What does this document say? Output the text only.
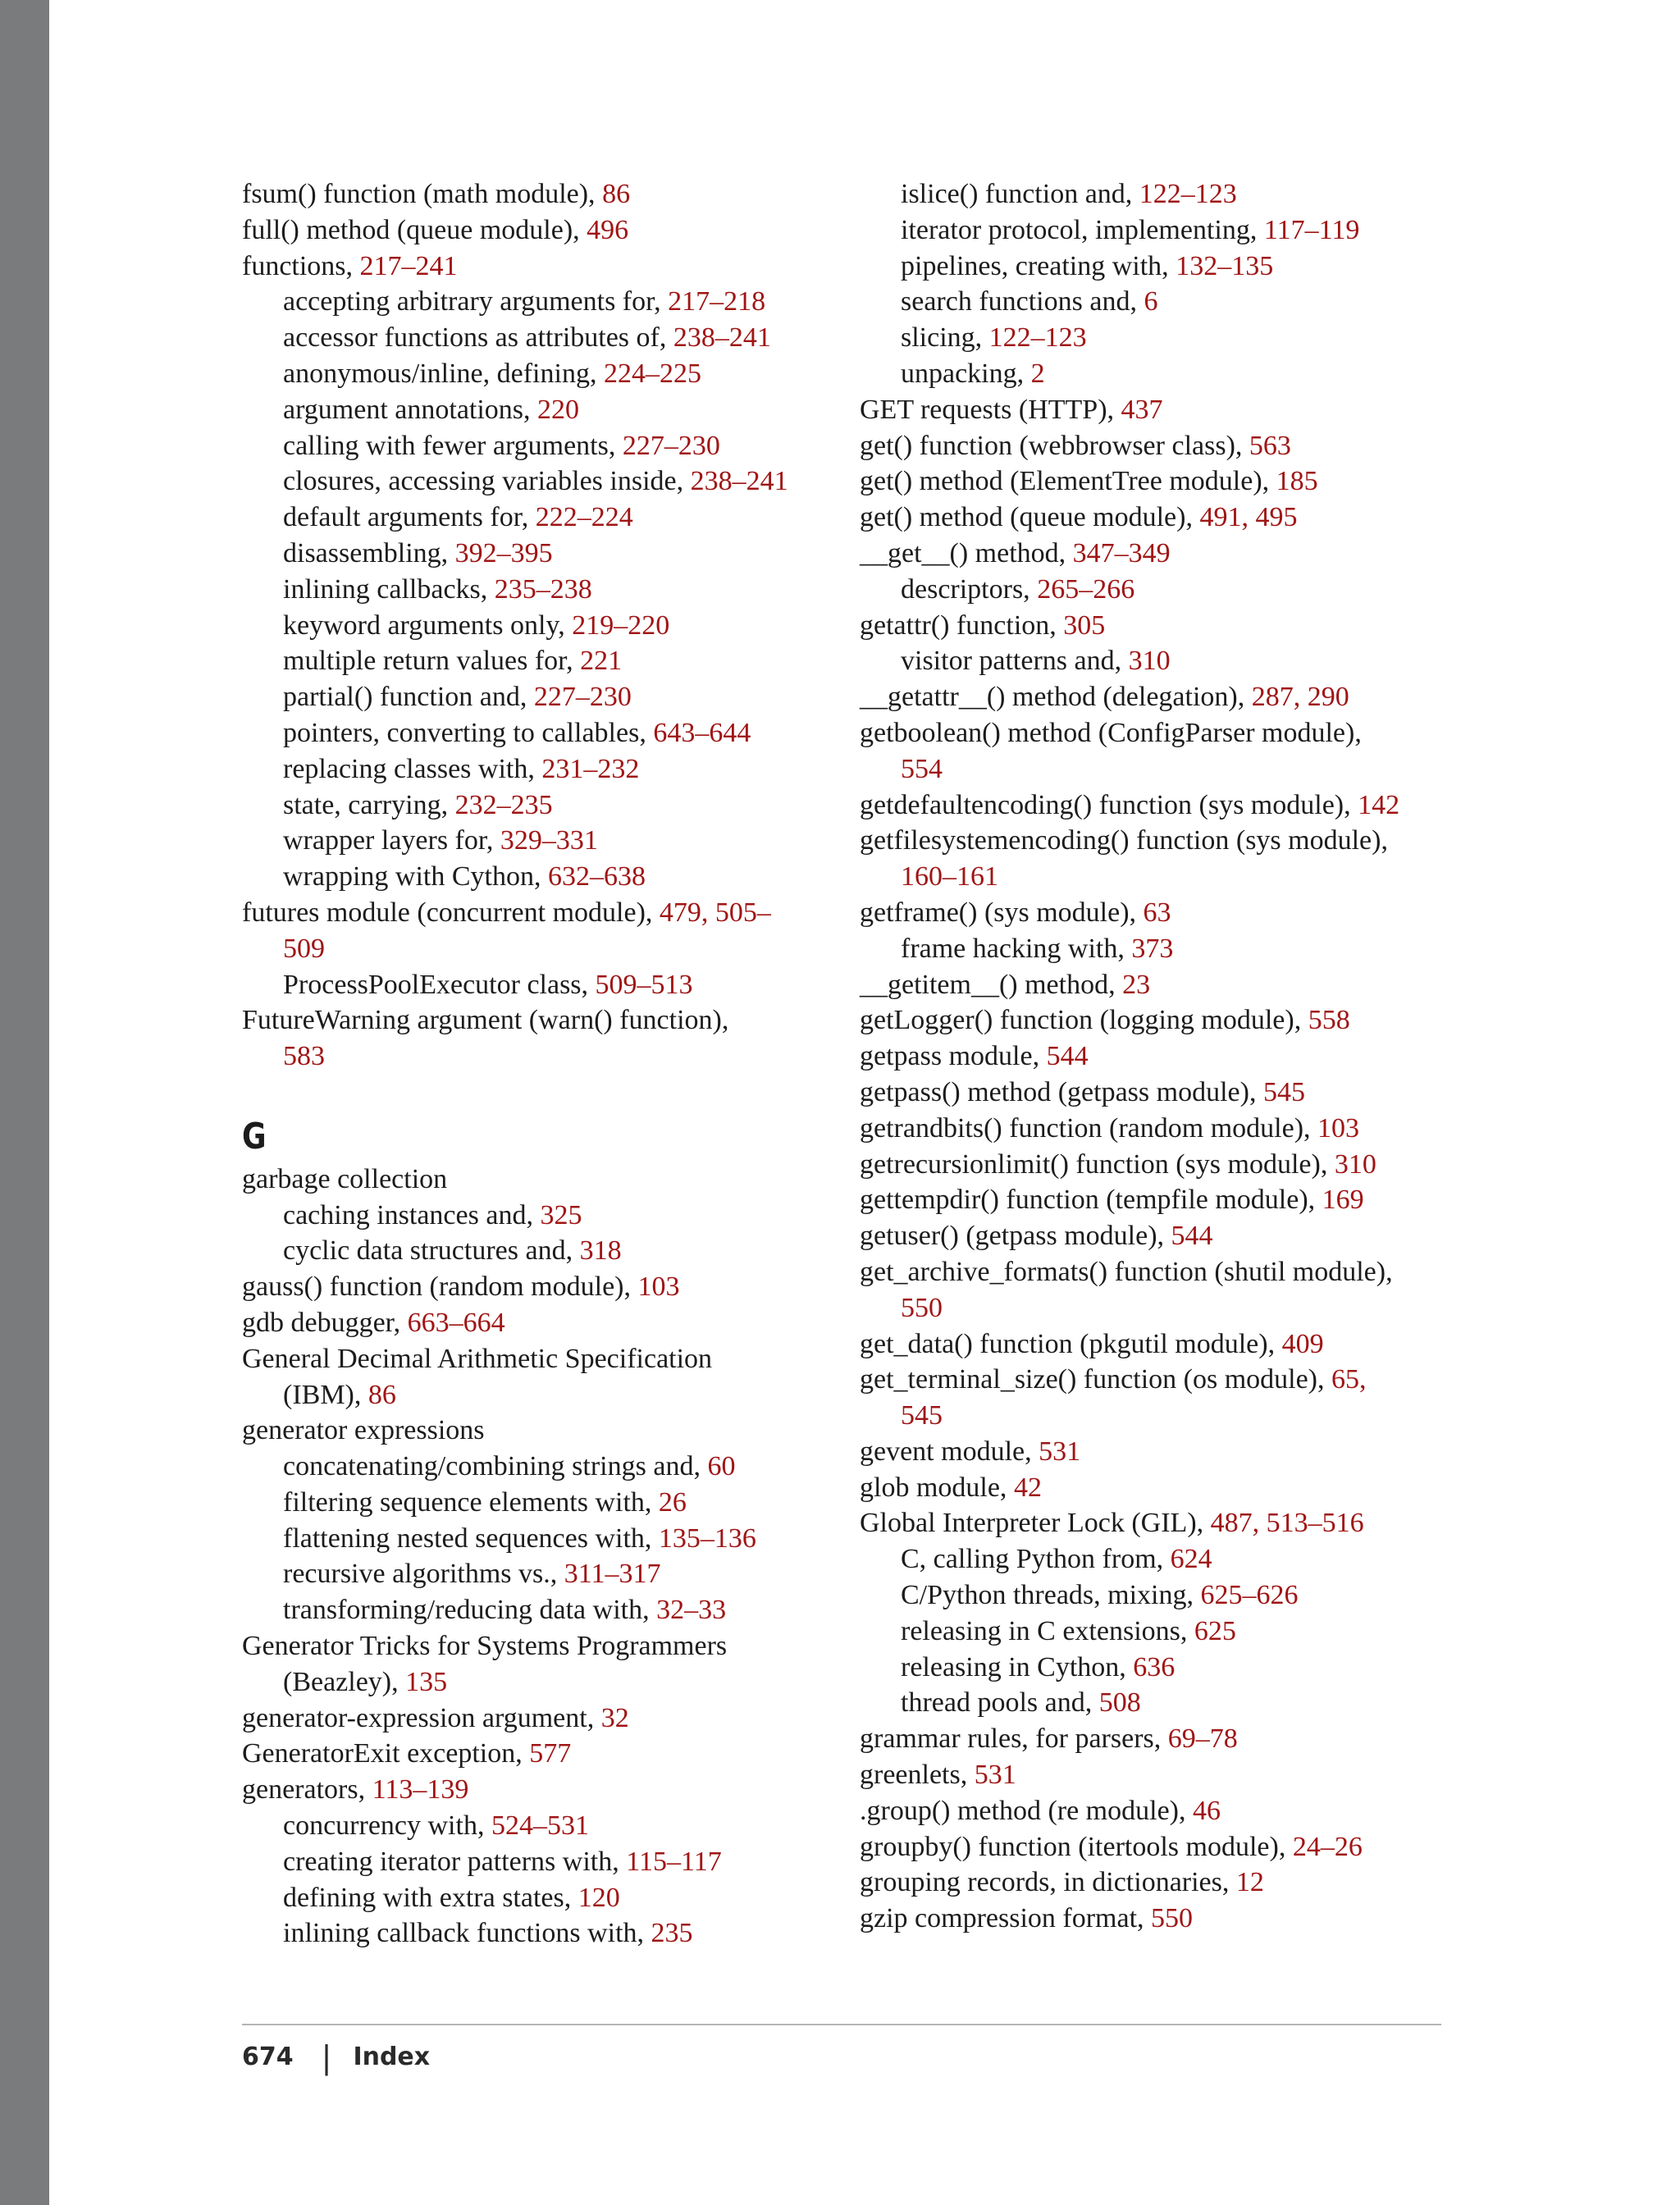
fsum() function (math module), 86
full() method (queue module), 496
functions, 217–241
accepting arbitrary arguments for, 217–218
accessor functions as attributes of, 238–241
anonymous/inline, defining, 224–225
argument annotations, 220
calling with fewer arguments, 227–230
closures, accessing variables inside, 238–241
default arguments for, 222–224
disassembling, 392–395
inlining callbacks, 235–238
keyword arguments only, 219–220
multiple return values for, 221
partial() function and, 227–230
pointers, converting to callables, 643–644
replacing classes with, 231–232
state, carrying, 232–235
wrapper layers for, 329–331
wrapping with Cython, 632–638
futures module (concurrent module), 479, 505–
509
ProcessPoolExecutor class, 509–513
FutureWarning argument (warn() function),
583
G
garbage collection
caching instances and, 325
cyclic data structures and, 318
gauss() function (random module), 103
gdb debugger, 663–664
General Decimal Arithmetic Specification
(IBM), 86
generator expressions
concatenating/combining strings and, 60
filtering sequence elements with, 26
flattening nested sequences with, 135–136
recursive algorithms vs., 311–317
transforming/reducing data with, 32–33
Generator Tricks for Systems Programmers
(Beazley), 135
generator-expression argument, 32
GeneratorExit exception, 577
generators, 113–139
concurrency with, 524–531
creating iterator patterns with, 115–117
defining with extra states, 120
inlining callback functions with, 235
islice() function and, 122–123
iterator protocol, implementing, 117–119
pipelines, creating with, 132–135
search functions and, 6
slicing, 122–123
unpacking, 2
GET requests (HTTP), 437
get() function (webbrowser class), 563
get() method (ElementTree module), 185
get() method (queue module), 491, 495
__get__() method, 347–349
descriptors, 265–266
getattr() function, 305
visitor patterns and, 310
__getattr__() method (delegation), 287, 290
getboolean() method (ConfigParser module),
554
getdefaultencoding() function (sys module), 142
getfilesystemencoding() function (sys module),
160–161
getframe() (sys module), 63
frame hacking with, 373
__getitem__() method, 23
getLogger() function (logging module), 558
getpass module, 544
getpass() method (getpass module), 545
getrandbits() function (random module), 103
getrecursionlimit() function (sys module), 310
gettempdir() function (tempfile module), 169
getuser() (getpass module), 544
get_archive_formats() function (shutil module),
550
get_data() function (pkgutil module), 409
get_terminal_size() function (os module), 65,
545
gevent module, 531
glob module, 42
Global Interpreter Lock (GIL), 487, 513–516
C, calling Python from, 624
C/Python threads, mixing, 625–626
releasing in C extensions, 625
releasing in Cython, 636
thread pools and, 508
grammar rules, for parsers, 69–78
greenlets, 531
.group() method (re module), 46
groupby() function (itertools module), 24–26
grouping records, in dictionaries, 12
gzip compression format, 550
674 | Index
